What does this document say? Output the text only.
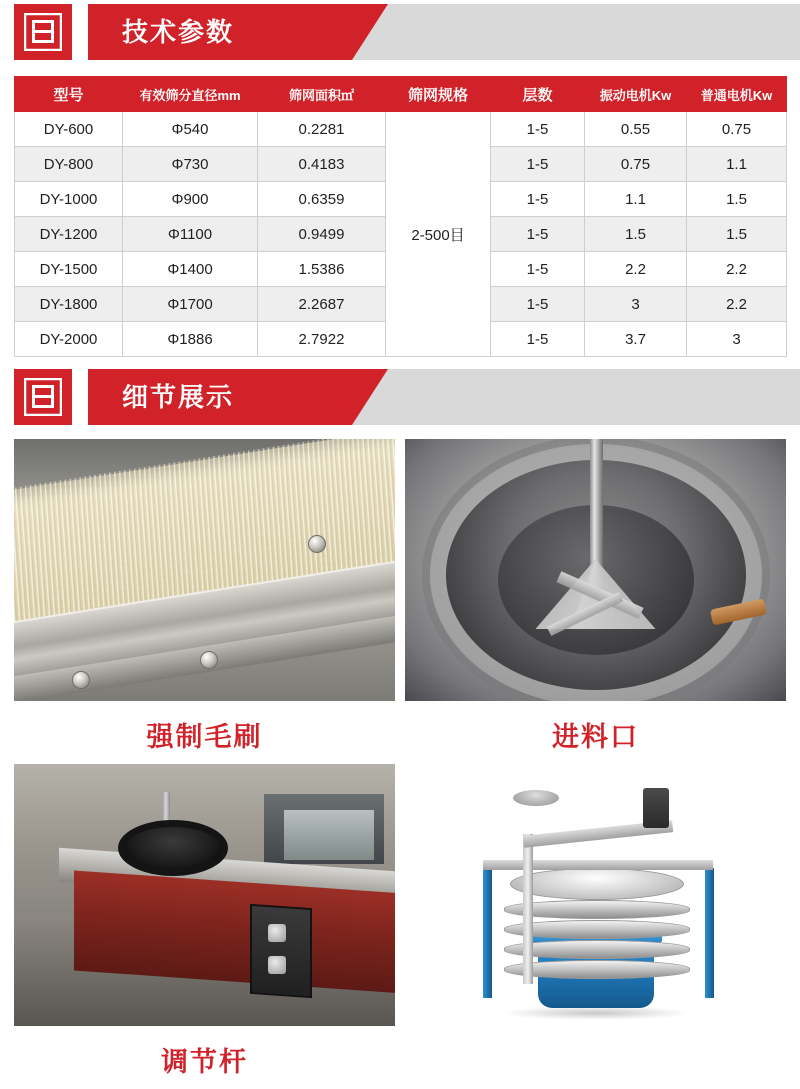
技术参数
型号	有效筛分直径mm	筛网面积㎡	筛网规格	层数	振动电机Kw	普通电机Kw
DY-600	Φ540	0.2281	2-500目	1-5	0.55	0.75
DY-800	Φ730	0.4183		1-5	0.75	1.1
DY-1000	Φ900	0.6359		1-5	1.1	1.5
DY-1200	Φ1100	0.9499		1-5	1.5	1.5
DY-1500	Φ1400	1.5386		1-5	2.2	2.2
DY-1800	Φ1700	2.2687		1-5	3	2.2
DY-2000	Φ1886	2.7922		1-5	3.7	3
细节展示
强制毛刷	进料口
调节杆
